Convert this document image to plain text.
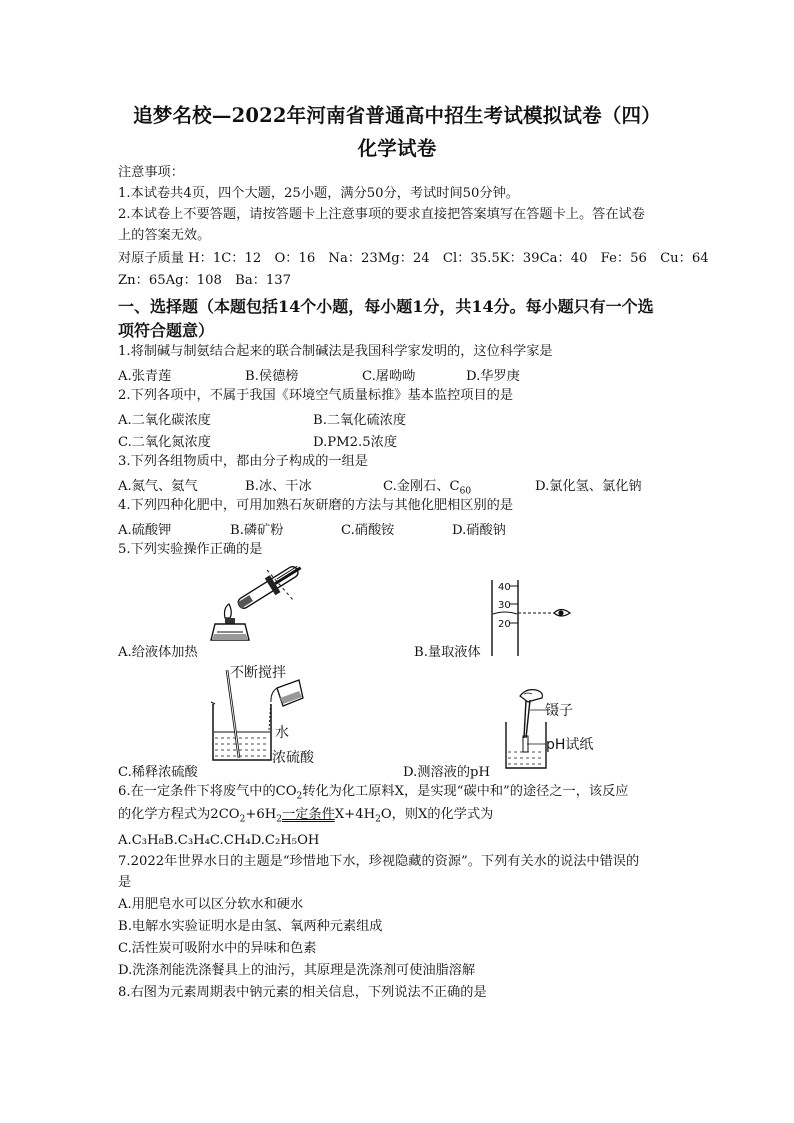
追梦名校—2022年河南省普通高中招生考试模拟试卷（四）
化学试卷
注意事项：
1.本试卷共4页，四个大题，25小题，满分50分，考试时间50分钟。
2.本试卷上不要答题，请按答题卡上注意事项的要求直接把答案填写在答题卡上。答在试卷
上的答案无效。
对原子质量 H：1C：12　O：16　Na：23Mg：24　Cl：35.5K：39Ca：40　Fe：56　Cu：64
Zn：65Ag：108　Ba：137
一、选择题（本题包括14个小题，每小题1分，共14分。每小题只有一个选
项符合题意）
1.将制碱与制氨结合起来的联合制碱法是我国科学家发明的，这位科学家是
A.张青莲	B.侯德榜	C.屠呦呦	D.华罗庚
2.下列各项中，不属于我国《环境空气质量标推》基本监控项目的是
A.二氧化碳浓度	B.二氧化硫浓度
C.二氧化氮浓度	D.PM2.5浓度
3.下列各组物质中，都由分子构成的一组是
A.氮气、氦气	B.冰、干冰	C.金刚石、$C_{60}$	D.氯化氢、氯化钠
4.下列四种化肥中，可用加熟石灰研磨的方法与其他化肥相区别的是
A.硫酸钾	B.磷矿粉	C.硝酸铵	D.硝酸钠
5.下列实验操作正确的是
A.给液体加热
40
30
20
B.量取液体
不断搅拌
水
浓硫酸
C.稀释浓硫酸
镊子
pH试纸
D.测溶液的pH
6.在一定条件下将废气中的$CO_2$转化为化工原料X，是实现“碳中和”的途径之一，该反应
的化学方程式为$2CO_2+6H_2$一定条件$X+4H_2O$，则X的化学式为
A.C₃H₈B.C₃H₄C.CH₄D.C₂H₅OH
7.2022年世界水日的主题是“珍惜地下水，珍视隐藏的资源”。下列有关水的说法中错误的
是
A.用肥皂水可以区分软水和硬水
B.电解水实验证明水是由氢、氧两种元素组成
C.活性炭可吸附水中的异味和色素
D.洗涤剂能洗涤餐具上的油污，其原理是洗涤剂可使油脂溶解
8.右图为元素周期表中钠元素的相关信息，下列说法不正确的是
